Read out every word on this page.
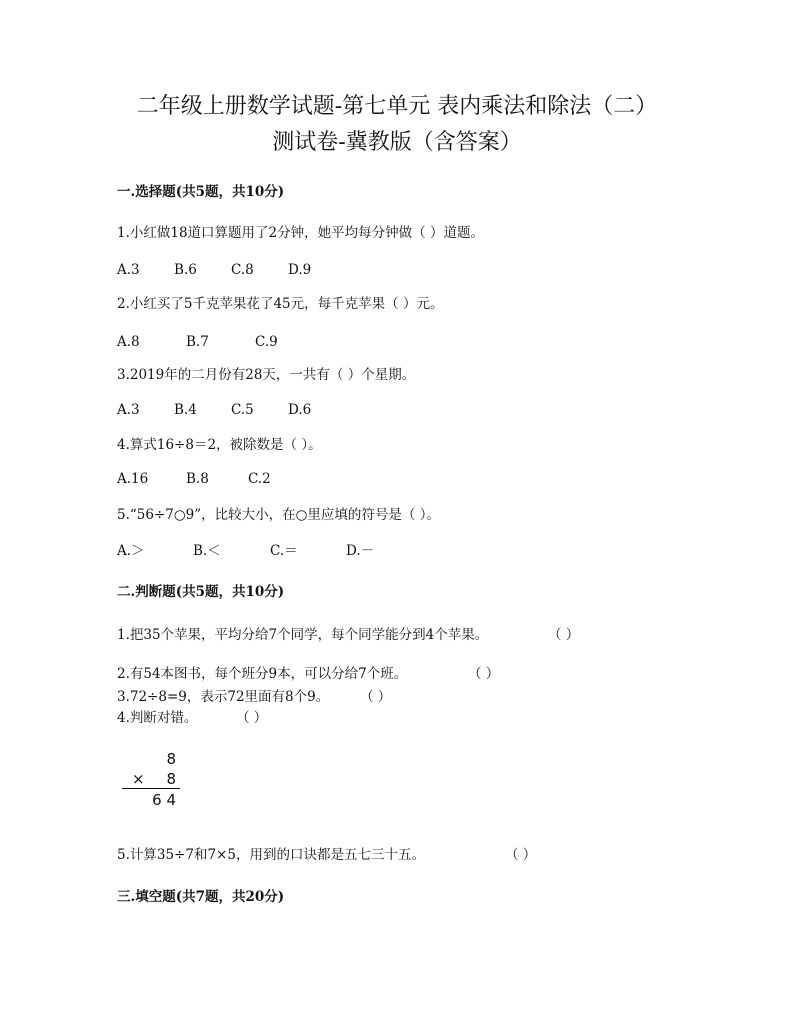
二年级上册数学试题-第七单元 表内乘法和除法（二）
测试卷-冀教版（含答案）
一.选择题(共5题，共10分)
1.小红做18道口算题用了2分钟，她平均每分钟做（ ）道题。
A.3	B.6	C.8	D.9
2.小红买了5千克苹果花了45元，每千克苹果（ ）元。
A.8	B.7	C.9
3.2019年的二月份有28天，一共有（ ）个星期。
A.3	B.4	C.5	D.6
4.算式16÷8＝2，被除数是（ ）。
A.16	B.8	C.2
5.“56÷7○9”，比较大小，在○里应填的符号是（ ）。
A.＞	B.＜	C.＝	D.－
二.判断题(共5题，共10分)
1.把35个苹果，平均分给7个同学，每个同学能分到4个苹果。	（ ）
2.有54本图书，每个班分9本，可以分给7个班。	（ ）
3.72÷8=9，表示72里面有8个9。 （ ）
4.判断对错。	（ ）
8
× 8
6 4
5.计算35÷7和7×5，用到的口诀都是五七三十五。	（ ）
三.填空题(共7题，共20分)
